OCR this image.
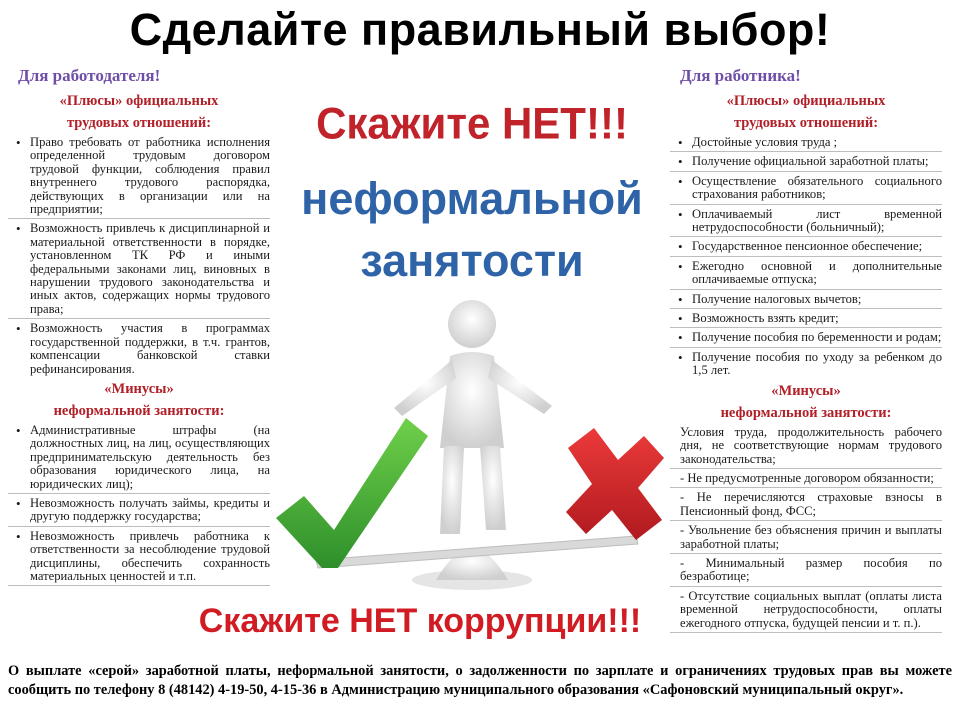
Сделайте правильный выбор!
Для работодателя!
«Плюсы» официальных
трудовых отношений:
• Право требовать от работника исполнения определенной трудовым договором трудовой функции, соблюдения правил внутреннего трудового распорядка, действующих в организации или на предприятии;
• Возможность привлечь к дисциплинарной и материальной ответственности в порядке, установленном ТК РФ и иными федеральными законами лиц, виновных в нарушении трудового законодательства и иных актов, содержащих нормы трудового права;
• Возможность участия в программах государственной поддержки, в т.ч. грантов, компенсации банковской ставки рефинансирования.
«Минусы»
неформальной занятости:
• Административные штрафы (на должностных лиц, на лиц, осуществляющих предпринимательскую деятельность без образования юридического лица, на юридических лиц);
• Невозможность получать займы, кредиты и другую поддержку государства;
• Невозможность привлечь работника к ответственности за несоблюдение трудовой дисциплины, обеспечить сохранность материальных ценностей и т.п.
Скажите НЕТ!!!
неформальной
занятости
Для работника!
«Плюсы» официальных
трудовых отношений:
• Достойные условия труда ;
• Получение официальной заработной платы;
• Осуществление обязательного социального страхования работников;
• Оплачиваемый лист временной нетрудоспособности (больничный);
• Государственное пенсионное обеспечение;
• Ежегодно основной и дополнительные оплачиваемые отпуска;
• Получение налоговых вычетов;
• Возможность взять кредит;
• Получение пособия по беременности и родам;
• Получение пособия по уходу за ребенком до 1,5 лет.
«Минусы»
неформальной занятости:

Условия труда, продолжительность рабочего дня, не соответствующие нормам трудового законодательства;

- Не предусмотренные договором обязанности;

- Не перечисляются страховые взносы в Пенсионный фонд, ФСС;

- Увольнение без объяснения причин и выплаты заработной платы;

- Минимальный размер пособия по безработице;

- Отсутствие социальных выплат (оплаты листа временной нетрудоспособности, оплаты ежегодного отпуска, будущей пенсии и т. п.).

Скажите НЕТ коррупции!!!
О выплате «серой» заработной платы, неформальной занятости, о задолженности по зарплате и ограничениях трудовых прав вы можете сообщить по телефону 8 (48142) 4-19-50, 4-15-36 в Администрацию муниципального образования «Сафоновский муниципальный округ».
